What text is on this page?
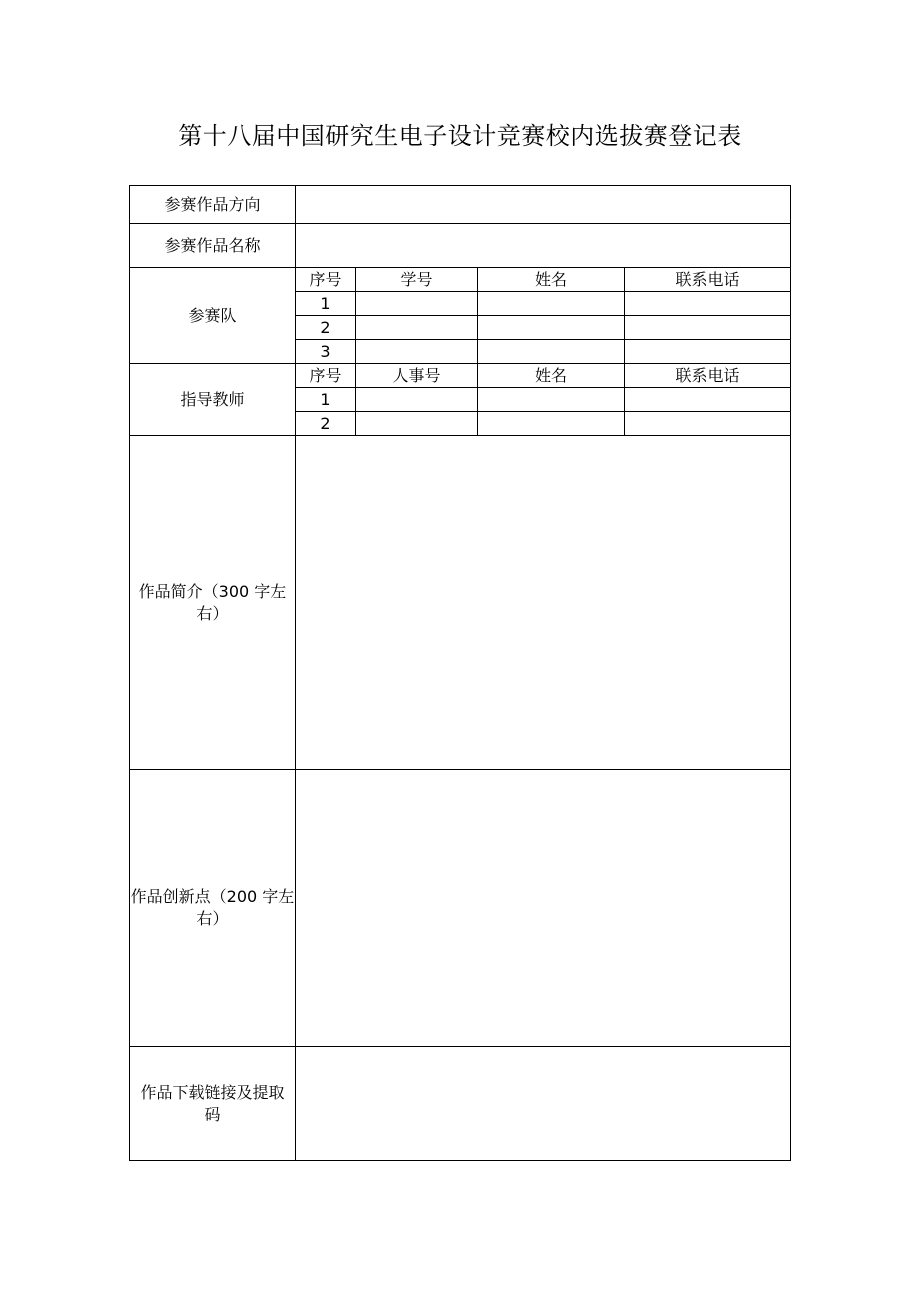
第十八届中国研究生电子设计竞赛校内选拔赛登记表
参赛作品方向				
参赛作品名称				
参赛队	序号	学号	姓名	联系电话
	1			
	2			
	3			
指导教师	序号	人事号	姓名	联系电话
	1			
	2			
作品简介（300 字左右）				
作品创新点（200 字左右）				
作品下载链接及提取码				
